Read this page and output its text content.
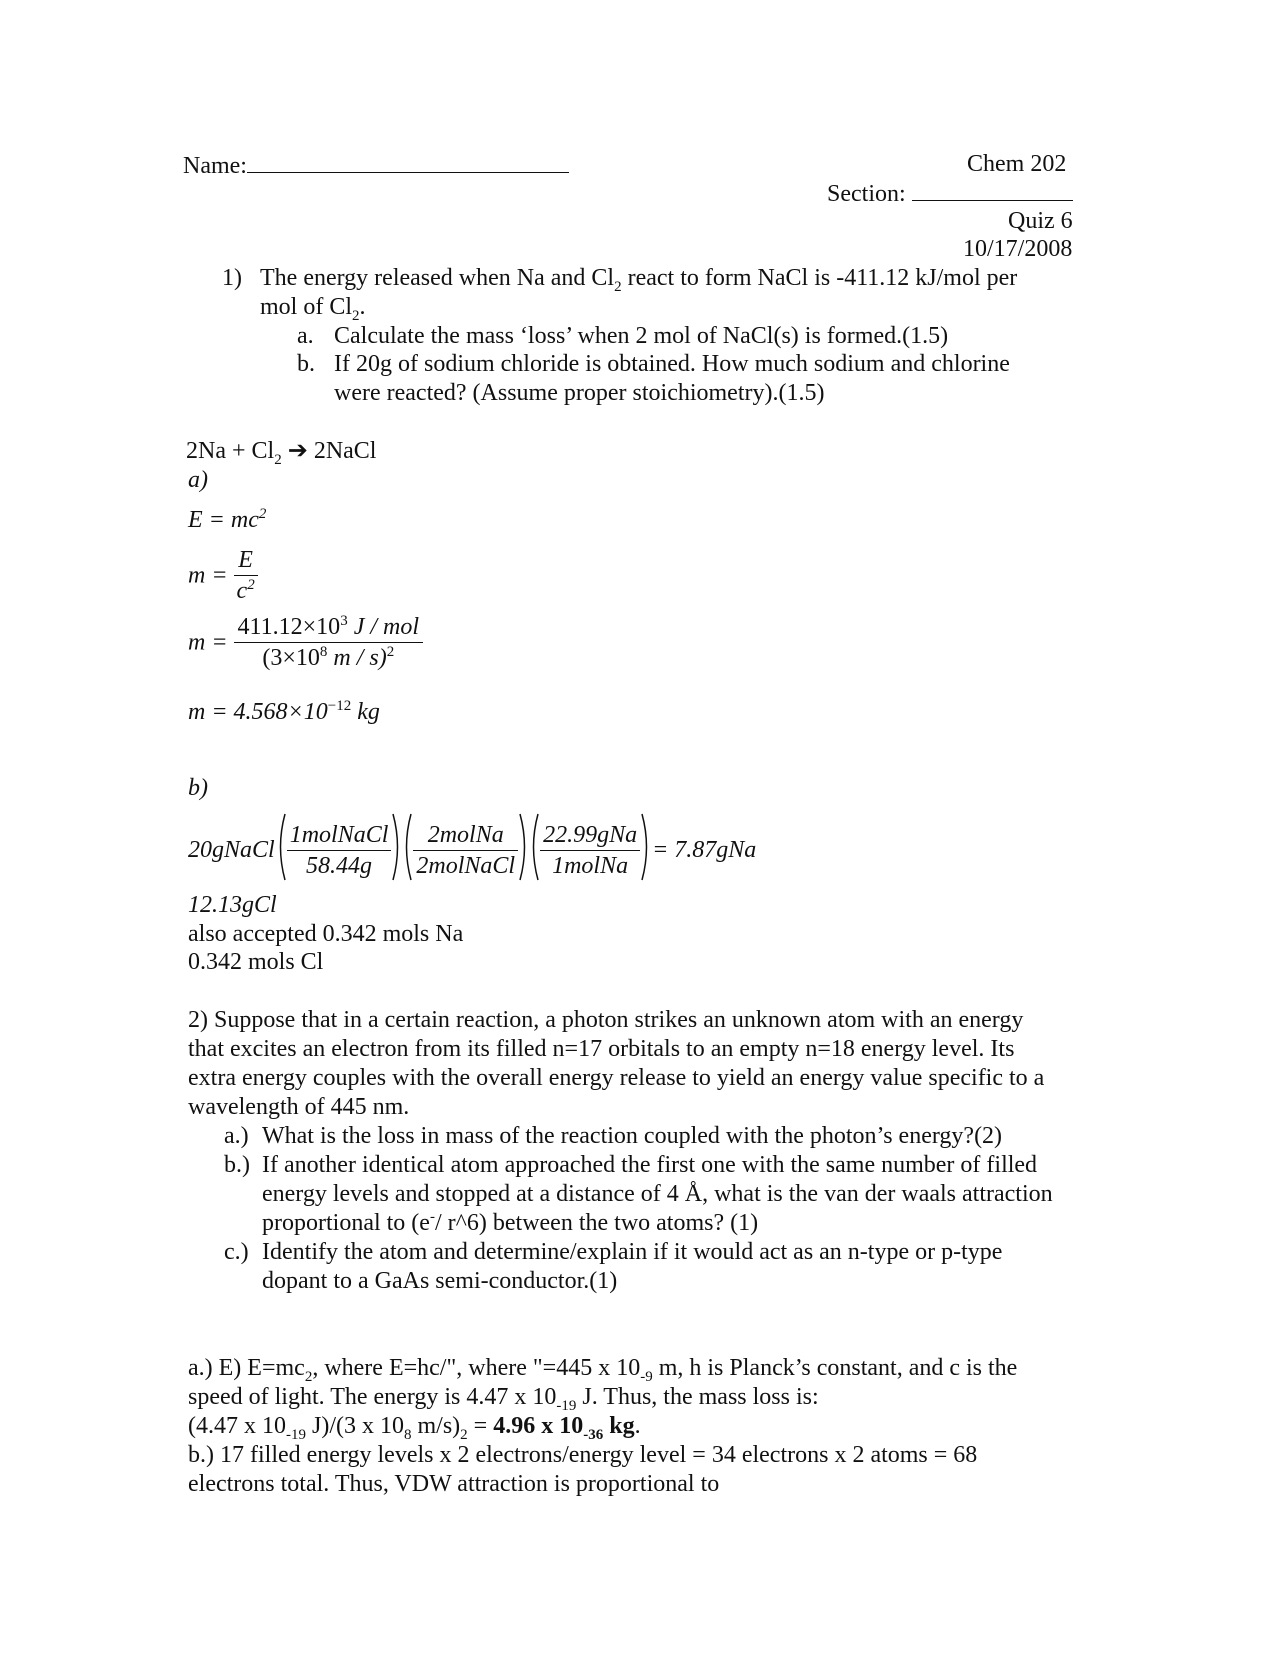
Name:	Chem 202
Section:
Quiz 6
10/17/2008
1) The energy released when Na and $Cl_2$ react to form NaCl is -411.12 kJ/mol per
mol of $Cl_2$.
a. Calculate the mass ‘loss’ when 2 mol of NaCl(s) is formed.(1.5)
b. If 20g of sodium chloride is obtained. How much sodium and chlorine
were reacted? (Assume proper stoichiometry).(1.5)
$2Na + Cl_2$ ➔ 2NaCl
a)
$E = mc^2$
$m = \frac{E}{c^2}$
$m = \frac{411.12\times 10^3 J / mol}{(3\times 10^8 m / s)^2}$
$m = 4.568\times 10^{-12}$ kg
b)
20gNaCl $\frac{\text{1molNaCl}}{58.44g} \frac{\text{2molNa}}{\text{2molNaCl}} \frac{\text{22.99gNa}}{\text{1molNa}} = 7.87gNa$
12.13gCl
also accepted 0.342 mols Na
0.342 mols Cl
2) Suppose that in a certain reaction, a photon strikes an unknown atom with an energy
that excites an electron from its filled n=17 orbitals to an empty n=18 energy level. Its
extra energy couples with the overall energy release to yield an energy value specific to a
wavelength of 445 nm.
a.) What is the loss in mass of the reaction coupled with the photon’s energy?(2)
b.) If another identical atom approached the first one with the same number of filled
energy levels and stopped at a distance of 4 Å, what is the van der waals attraction
proportional to (e-/ r^6) between the two atoms? (1)
c.) Identify the atom and determine/explain if it would act as an n-type or p-type
dopant to a GaAs semi-conductor.(1)
a.) E) $E=mc_2$, where E=hc/", where "=445 x $10_{-9}$ m, h is Planck’s constant, and c is the
speed of light. The energy is 4.47 x $10_{-19}$ J. Thus, the mass loss is:
(4.47 x $10_{-19}$ J)/(3 x $10_8$ $m/s)_2 = 4.96$ x $10_{-36}$ kg.
b.) 17 filled energy levels x 2 electrons/energy level = 34 electrons x 2 atoms = 68
electrons total. Thus, VDW attraction is proportional to
